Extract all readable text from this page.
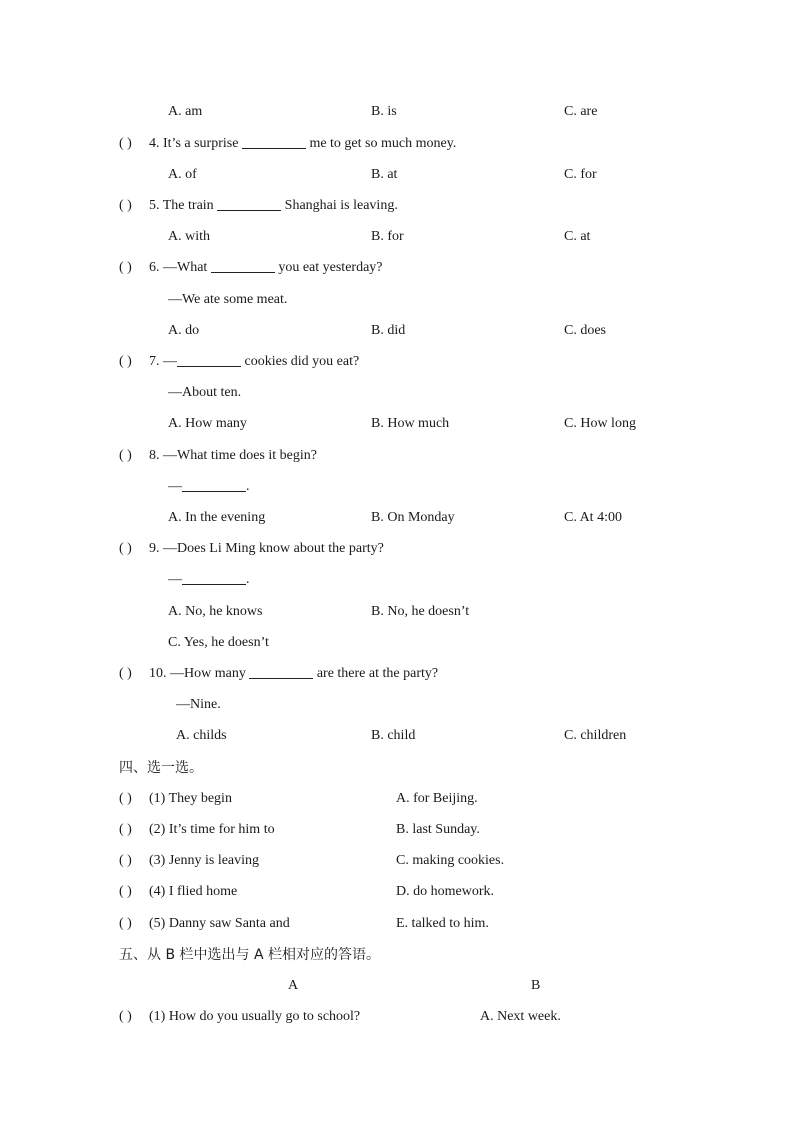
A. am	B. is	C. are
( ) 4. It’s a surprise	me to get so much money.
A. of	B. at	C. for
( ) 5. The train	Shanghai is leaving.
A. with	B. for	C. at
( ) 6. —What	you eat yesterday?
—We ate some meat.
A. do	B. did	C. does
( ) 7. —	cookies did you eat?
—About ten.
A. How many	B. How much	C. How long
( ) 8. —What time does it begin?
—	.
A. In the evening	B. On Monday	C. At 4:00
( ) 9. —Does Li Ming know about the party?
—	.
A. No, he knows	B. No, he doesn’t
C. Yes, he doesn’t
( ) 10. —How many	are there at the party?
—Nine.
A. childs	B. child	C. children
四、选一选。
( ) (1) They begin	A. for Beijing.
( ) (2) It’s time for him to	B. last Sunday.
( ) (3) Jenny is leaving	C. making cookies.
( ) (4) I flied home	D. do homework.
( ) (5) Danny saw Santa and	E. talked to him.
五、从 B 栏中选出与 A 栏相对应的答语。
A	B
( ) (1) How do you usually go to school?	A. Next week.
